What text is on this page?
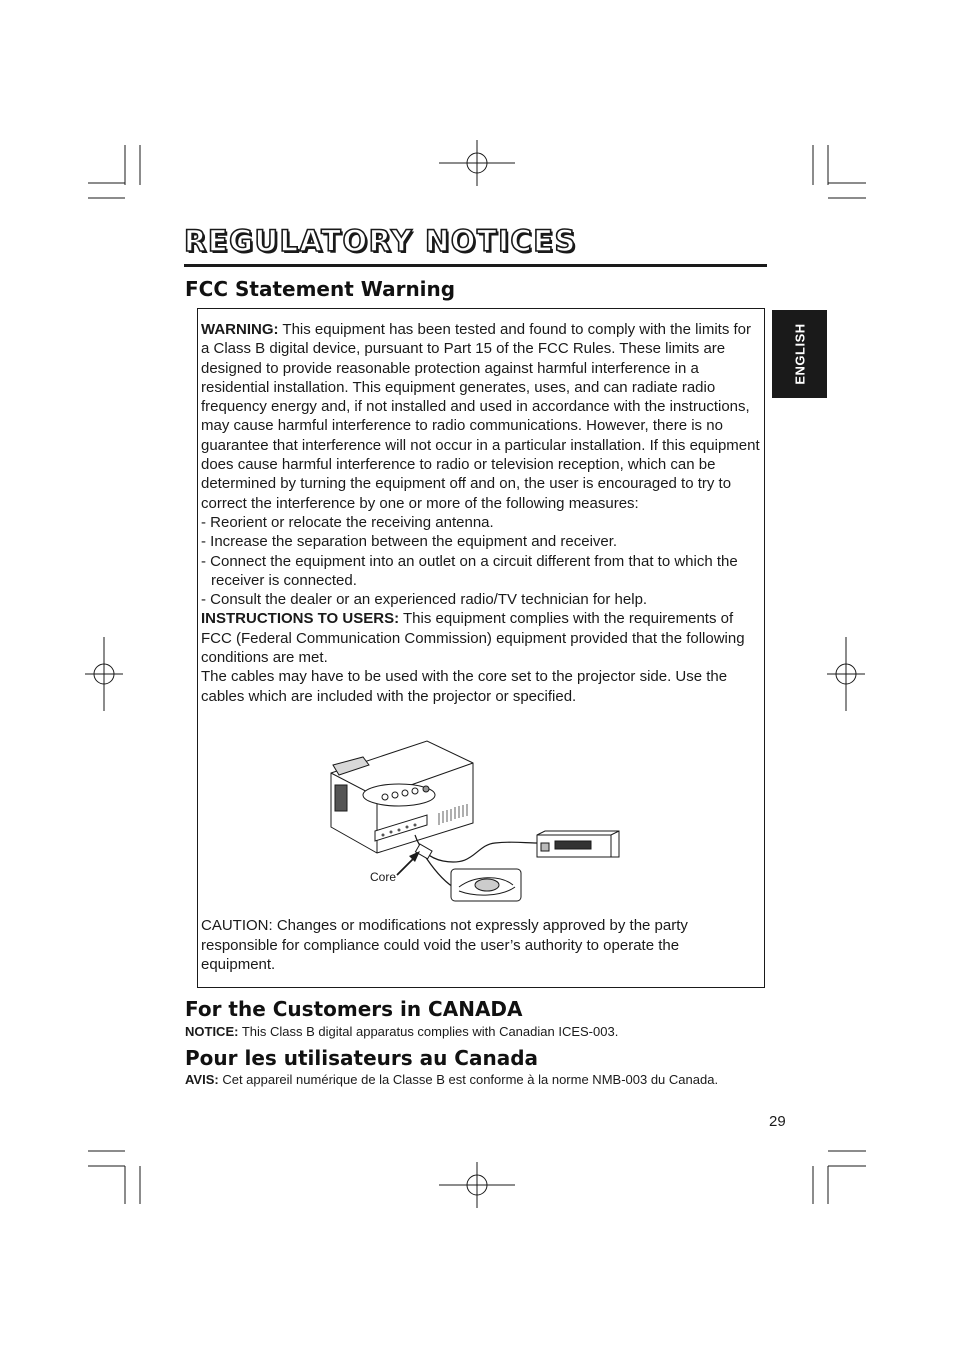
REGULATORY NOTICES
FCC Statement Warning
ENGLISH

WARNING: This equipment has been tested and found to comply with the limits for a Class B digital device, pursuant to Part 15 of the FCC Rules. These limits are designed to provide reasonable protection against harmful interference in a residential installation. This equipment generates, uses, and can radiate radio frequency energy and, if not installed and used in accordance with the instructions, may cause harmful interference to radio communications. However, there is no guarantee that interference will not occur in a particular installation. If this equipment does cause harmful interference to radio or television reception, which can be determined by turning the equipment off and on, the user is encouraged to try to correct the interference by one or more of the following measures:

- Reorient or relocate the receiving antenna.

- Increase the separation between the equipment and receiver.

- Connect the equipment into an outlet on a circuit different from that to which the receiver is connected.

- Consult the dealer or an experienced radio/TV technician for help.

INSTRUCTIONS TO USERS: This equipment complies with the requirements of FCC (Federal Communication Commission) equipment provided that the following conditions are met.

The cables may have to be used with the core set to the projector side. Use the cables which are included with the projector or specified.

Core

CAUTION: Changes or modifications not expressly approved by the party responsible for compliance could void the user’s authority to operate the equipment.

For the Customers in CANADA

NOTICE: This Class B digital apparatus complies with Canadian ICES-003.

Pour les utilisateurs au Canada

AVIS: Cet appareil numérique de la Classe B est conforme à la norme NMB-003 du Canada.

29
